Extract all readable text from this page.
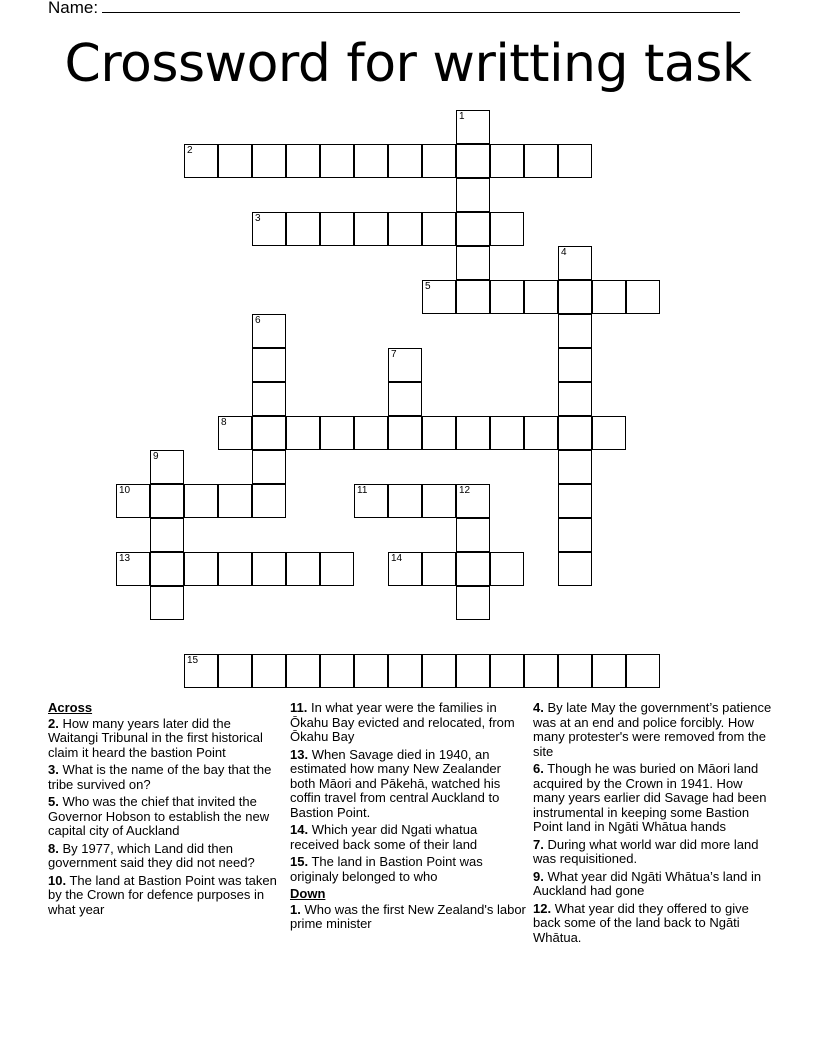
Name:
Crossword for writting task
1
2
3
4
5
6
7
8
9
10	11	12
13	14
15
Across
2. How many years later did the Waitangi Tribunal in the first historical claim it heard the bastion Point
3. What is the name of the bay that the tribe survived on?
5. Who was the chief that invited the Governor Hobson to establish the new capital city of Auckland
8. By 1977, which Land did then government said they did not need?
10. The land at Bastion Point was taken by the Crown for defence purposes in what year
11. In what year were the families in Ōkahu Bay evicted and relocated, from Ōkahu Bay
13. When Savage died in 1940, an estimated how many New Zealander both Māori and Pākehā, watched his coffin travel from central Auckland to Bastion Point.
14. Which year did Ngati whatua received back some of their land
15. The land in Bastion Point was originaly belonged to who
Down
1. Who was the first New Zealand's labor prime minister
4. By late May the government’s patience was at an end and police forcibly. How many protester's were removed from the site
6. Though he was buried on Māori land acquired by the Crown in 1941. How many years earlier did Savage had been instrumental in keeping some Bastion Point land in Ngāti Whātua hands
7. During what world war did more land was requisitioned.
9. What year did Ngāti Whātua’s land in Auckland had gone
12. What year did they offered to give back some of the land back to Ngāti Whātua.
